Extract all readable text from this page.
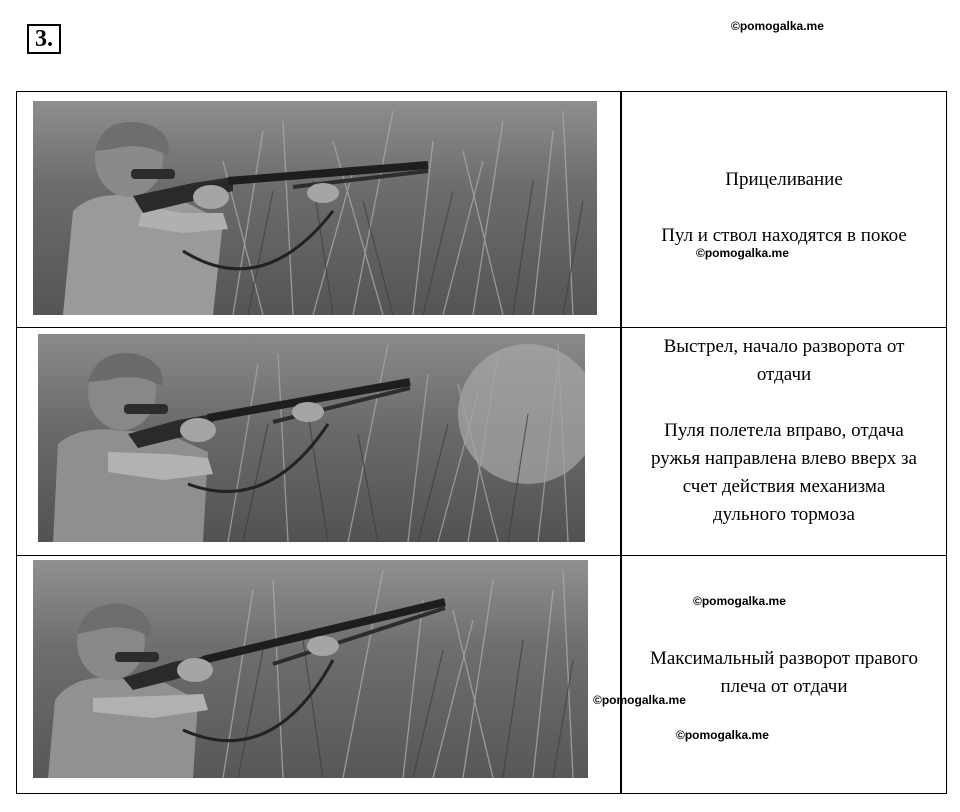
3.	©pomogalka.me

Прицеливание

Пул и ствол находятся в покое

©pomogalka.me

Выстрел, начало разворота от

отдачи

Пуля полетела вправо, отдача

ружья направлена влево вверх за

счет действия механизма

дульного тормоза

©pomogalka.me

Максимальный разворот правого

плеча от отдачи

©pomogalka.me
©pomogalka.me
